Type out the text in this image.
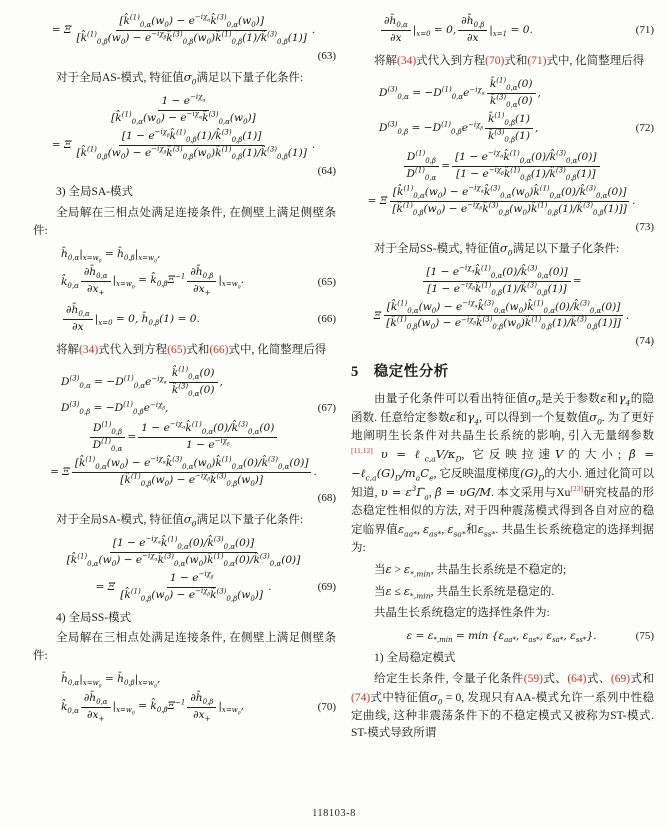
= Ξ $\frac{[k̂^{(1)}_{0,\alpha}(w_0) - e^{-i\chi_\alpha}k̂^{(3)}_{0,\alpha}(w_0)]}{[k̂^{(1)}_{0,\beta}(w_0) - e^{-i\chi_\beta}k̂^{(3)}_{0,\beta}(w_0)k̂^{(1)}_{0,\beta}(1)/k̂^{(3)}_{0,\beta}(1)]}$ .
(63)

对于全局AS-模式, 特征值$\sigma_0$满足以下量子化条件:

$\frac{1 - e^{-i\chi_\alpha}}{[k̂^{(1)}_{0,\alpha}(w_0) - e^{-i\chi_\alpha}k̂^{(3)}_{0,\alpha}(w_0)]}$
= Ξ $\frac{[1 - e^{-i\chi_\beta}k̂^{(1)}_{0,\beta}(1)/k̂^{(3)}_{0,\beta}(1)]}{[k̂^{(1)}_{0,\beta}(w_0) - e^{-i\chi_\beta}k̂^{(3)}_{0,\beta}(w_0)k̂^{(1)}_{0,\beta}(1)/k̂^{(3)}_{0,\beta}(1)]}$ .
(64)

3) 全局SA-模式

全局解在三相点处满足连接条件, 在侧壁上满足侧壁条件:

$h̄_{0,\alpha}|_{x=w_0}$ = $h̄_{0,\beta}|_{x=w_0}$,
$k̂_{0,\alpha} \frac{\partial h̄_{0,\alpha}}{\partial x_+} |_{x=w_0}$ = $k̂_{0,\beta}\Xi^{-1} \frac{\partial h̄_{0,\beta}}{\partial x_+} |_{x=w_0}$.	(65)
$\frac{\partial h̄_{0,\alpha}}{\partial x} |_{x=0} = 0$, $h̄_{0,\beta}(1) = 0$.	(66)

将解(34)式代入到方程(65)式和(66)式中, 化简整理后得

$D^{(3)}_{0,\alpha} = -D^{(1)}_{0,\alpha}e^{-i\chi_\alpha} \frac{k̂^{(1)}_{0,\alpha}(0)}{k̂^{(3)}_{0,\alpha}(0)}$ ,
$D^{(3)}_{0,\beta} = -D^{(1)}_{0,\beta}e^{-i\chi_\beta}$,	(67)
$\frac{D^{(1)}_{0,\beta}}{D^{(1)}_{0,\alpha}} = \frac{1 - e^{-i\chi_\alpha}k̂^{(1)}_{0,\alpha}(0)/k̂^{(3)}_{0,\alpha}(0)}{1 - e^{-i\chi_\beta}}$
= Ξ $\frac{[k̂^{(1)}_{0,\alpha}(w_0) - e^{-i\chi_\alpha}k̂^{(3)}_{0,\alpha}(w_0)k̂^{(1)}_{0,\alpha}(0)/k̂^{(3)}_{0,\alpha}(0)]}{[k̂^{(1)}_{0,\beta}(w_0) - e^{-i\chi_\beta}k̂^{(3)}_{0,\beta}(w_0)]}$ .
(68)

对于全局SA-模式, 特征值$\sigma_0$满足以下量子化条件:

$\frac{[1 - e^{-i\chi_\alpha}k̂^{(1)}_{0,\alpha}(0)/k̂^{(3)}_{0,\alpha}(0)]}{[k̂^{(1)}_{0,\alpha}(w_0) - e^{-i\chi_\alpha}k̂^{(3)}_{0,\alpha}(w_0)k̂^{(1)}_{0,\alpha}(0)/k̂^{(3)}_{0,\alpha}(0)]}$
= Ξ $\frac{1 - e^{-i\chi_\beta}}{[k̂^{(1)}_{0,\beta}(w_0) - e^{-i\chi_\beta}k̂^{(3)}_{0,\beta}(w_0)]}$ .	(69)

4) 全局SS-模式

全局解在三相点处满足连接条件, 在侧壁上满足侧壁条件:

$h̄_{0,\alpha}|_{x=w_0}$ = $h̄_{0,\beta}|_{x=w_0}$,
$k̂_{0,\alpha} \frac{\partial h̄_{0,\alpha}}{\partial x_+} |_{x=w_0}$ = $k̂_{0,\beta}\Xi^{-1} \frac{\partial h̄_{0,\beta}}{\partial x_+} |_{x=w_0}$,	(70)
$\frac{\partial h̄_{0,\alpha}}{\partial x} |_{x=0} = 0$, $\frac{\partial h̄_{0,\beta}}{\partial x} |_{x=1} = 0$.	(71)

将解(34)式代入到方程(70)式和(71)式中, 化简整理后得

$D^{(3)}_{0,\alpha} = -D^{(1)}_{0,\alpha}e^{-i\chi_\alpha} \frac{k̄^{(1)}_{0,\alpha}(0)}{k̄^{(3)}_{0,\alpha}(0)}$ ,
$D^{(3)}_{0,\beta} = -D^{(1)}_{0,\beta}e^{-i\chi_\beta} \frac{k̄^{(1)}_{0,\beta}(1)}{k̄^{(3)}_{0,\beta}(1)}$ ,	(72)
$\frac{D^{(1)}_{0,\beta}}{D^{(1)}_{0,\alpha}} = \frac{[1 - e^{-i\chi_\alpha}k̂^{(1)}_{0,\alpha}(0)/k̂^{(3)}_{0,\alpha}(0)]}{[1 - e^{-i\chi_\beta}k̂^{(1)}_{0,\beta}(1)/k̂^{(3)}_{0,\beta}(1)]}$
= Ξ $\frac{[k̂^{(1)}_{0,\alpha}(w_0) - e^{-i\chi_\alpha}k̂^{(3)}_{0,\alpha}(w_0)k̂^{(1)}_{0,\alpha}(0)/k̂^{(3)}_{0,\alpha}(0)]}{[k̂^{(1)}_{0,\beta}(w_0) - e^{-i\chi_\beta}k̂^{(3)}_{0,\beta}(w_0)k̂^{(1)}_{0,\beta}(1)/k̂^{(3)}_{0,\beta}(1)]]}$ .
(73)

对于全局SS-模式, 特征值$\sigma_0$满足以下量子化条件:

$\frac{[1 - e^{-i\chi_\alpha}k̂^{(1)}_{0,\alpha}(0)/k̂^{(3)}_{0,\alpha}(0)]}{[1 - e^{-i\chi_\beta}k̂^{(1)}_{0,\beta}(1)/k̂^{(3)}_{0,\beta}(1)]}$ =
Ξ $\frac{[k̂^{(1)}_{0,\alpha}(w_0) - e^{-i\chi_\alpha}k̂^{(3)}_{0,\alpha}(w_0)k̂^{(1)}_{0,\alpha}(0)/k̂^{(3)}_{0,\alpha}(0)]}{[k̂^{(1)}_{0,\beta}(w_0) - e^{-i\chi_\beta}k̂^{(3)}_{0,\beta}(w_0)k̂^{(1)}_{0,\beta}(1)/k̂^{(3)}_{0,\beta}(1)]]}$ .
(74)
5　稳定性分析

由量子化条件可以看出特征值$\sigma_0$是关于参数ε和$\gamma_4$的隐函数. 任意给定参数ε和$\gamma_4$, 可以得到一个复数值$\sigma_0$. 为了更好地阐明生长条件对共晶生长系统的影响, 引入无量纲参数[11,12] $\upsilon = \ell_{c,a}V/\kappa_D$, 它反映拉速V的大小; β̂ = $-\ell_{c,a}(G)_D/m_aC_e$, 它反映温度梯度$(G)_D$的大小. 通过化简可以知道, $\upsilon = \varepsilon^3\Gammā_a$, β̂ = υG/M. 本文采用与Xu[23]研究枝晶的形态稳定性相似的方法, 对于四种震荡模式得到各自对应的稳定临界值$\varepsilon_{aa*}$, $\varepsilon_{as*}$, $\varepsilon_{sa*}$和$\varepsilon_{ss*}$. 共晶生长系统稳定的选择判据为:

当$\varepsilon > \varepsilon_{*,min}$, 共晶生长系统是不稳定的;

当$\varepsilon \le \varepsilon_{*,min}$, 共晶生长系统是稳定的.

共晶生长系统稳定的选择性条件为:

$\varepsilon = \varepsilon_{*,min} = \min \{\varepsilon_{aa*}$, $\varepsilon_{as*}$, $\varepsilon_{sa*}$, $\varepsilon_{ss*}$}.	(75)

1) 全局稳定模式

给定生长条件, 令量子化条件(59)式、(64)式、(69)式和(74)式中特征值$\sigma_0 = 0$, 发现只有AA-模式允许一系列中性稳定曲线, 这种非震荡条件下的不稳定模式又被称为ST-模式. ST-模式导致所谓

118103-8
